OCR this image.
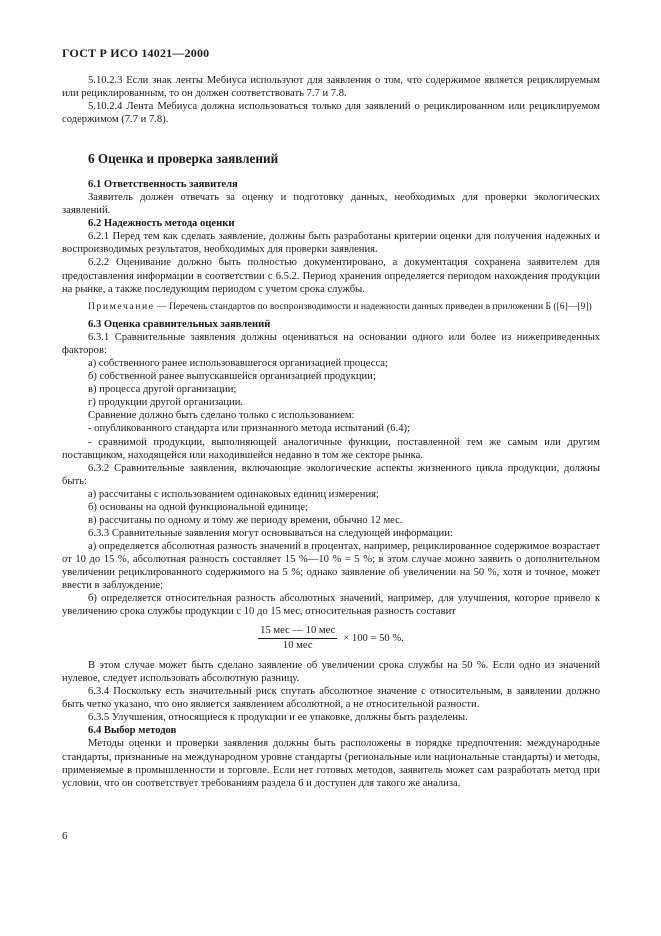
ГОСТ Р ИСО 14021—2000

5.10.2.3 Если знак ленты Мебиуса используют для заявления о том, что содержимое является рециклируемым или рециклированным, то он должен соответствовать 7.7 и 7.8.

5.10.2.4 Лента Мебиуса должна использоваться только для заявлений о рециклированном или рециклируемом содержимом (7.7 и 7.8).

6 Оценка и проверка заявлений

6.1 Ответственность заявителя

Заявитель должен отвечать за оценку и подготовку данных, необходимых для проверки экологических заявлений.

6.2 Надежность метода оценки

6.2.1 Перед тем как сделать заявление, должны быть разработаны критерии оценки для получения надежных и воспроизводимых результатов, необходимых для проверки заявления.

6.2.2 Оценивание должно быть полностью документировано, а документация сохранена заявителем для предоставления информации в соответствии с 6.5.2. Период хранения определяется периодом нахождения продукции на рынке, а также последующим периодом с учетом срока службы.

Примечание — Перечень стандартов по воспроизводимости и надежности данных приведен в приложении Б ([6]—[9])

6.3 Оценка сравнительных заявлений

6.3.1 Сравнительные заявления должны оцениваться на основании одного или более из нижеприведенных факторов:

а) собственного ранее использовавшегося организацией процесса;

б) собственной ранее выпускавшейся организацией продукции;

в) процесса другой организации;

г) продукции другой организации.

Сравнение должно быть сделано только с использованием:

- опубликованного стандарта или признанного метода испытаний (6.4);

- сравнимой продукции, выполняющей аналогичные функции, поставленной тем же самым или другим поставщиком, находящейся или находившейся недавно в том же секторе рынка.

6.3.2 Сравнительные заявления, включающие экологические аспекты жизненного цикла продукции, должны быть:

а) рассчитаны с использованием одинаковых единиц измерения;

б) основаны на одной функциональной единице;

в) рассчитаны по одному и тому же периоду времени, обычно 12 мес.

6.3.3 Сравнительные заявления могут основываться на следующей информации:

а) определяется абсолютная разность значений в процентах, например, рециклированное содержимое возрастает от 10 до 15 %, абсолютная разность составляет 15 %—10 % = 5 %; в этом случае можно заявить о дополнительном увеличении рециклированного содержимого на 5 %; однако заявление об увеличении на 50 %, хотя и точное, может ввести в заблуждение;

б) определяется относительная разность абсолютных значений, например, для улучшения, которое привело к увеличению срока службы продукции с 10 до 15 мес, относительная разность составит

$\frac{\text{15 мес — 10 мес}}{\text{10 мес}} \times 100 = 50$ %.

В этом случае может быть сделано заявление об увеличении срока службы на 50 %. Если одно из значений нулевое, следует использовать абсолютную разницу.

6.3.4 Поскольку есть значительный риск спутать абсолютное значение с относительным, в заявлении должно быть четко указано, что оно является заявлением абсолютной, а не относительной разности.

6.3.5 Улучшения, относящиеся к продукции и ее упаковке, должны быть разделены.

6.4 Выбор методов

Методы оценки и проверки заявления должны быть расположены в порядке предпочтения: международные стандарты, признанные на международном уровне стандарты (региональные или национальные стандарты) и методы, применяемые в промышленности и торговле. Если нет готовых методов, заявитель может сам разработать метод при условии, что он соответствует требованиям раздела 6 и доступен для такого же анализа.

6
